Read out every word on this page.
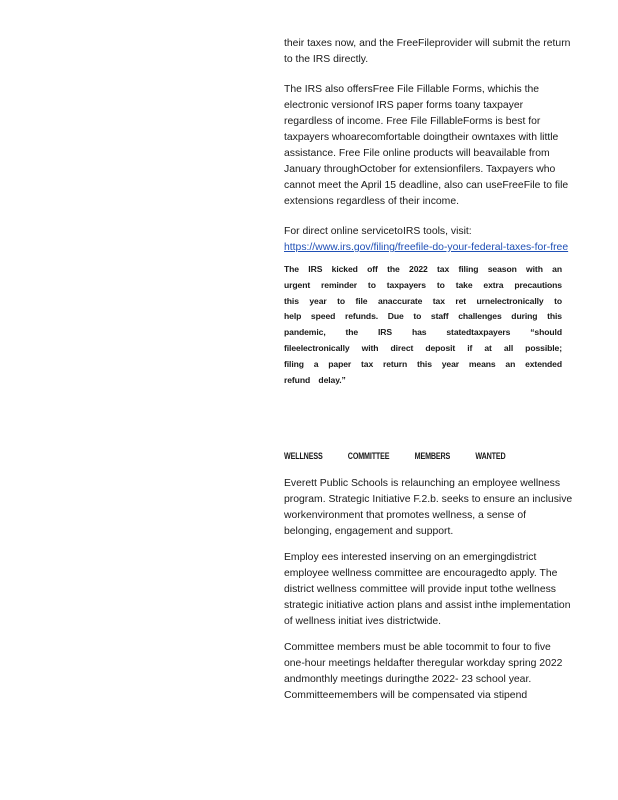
their taxes now, and the FreeFileprovider will submit the return to the IRS directly.

The IRS also offersFree File Fillable Forms, whichis the electronic versionof IRS paper forms toany taxpayer regardless of income. Free File FillableForms is best for taxpayers whoarecomfortable doingtheir owntaxes with little assistance. Free File online products will beavailable from January throughOctober for extensionfilers. Taxpayers who cannot meet the April 15 deadline, also can useFreeFile to file extensions regardless of their income.

For direct online servicetoIRS tools, visit:
https://www.irs.gov/filing/freefile-do-your-federal-taxes-for-free

The IRS kicked off the 2022 tax filing season with an urgent reminder to taxpayers to take extra precautions this year to file anaccurate tax ret urnelectronically to help speed refunds. Due to staff challenges during this pandemic, the IRS has statedtaxpayers “should fileelectronically with direct deposit if at all possible; filing a paper tax return this year means an extended refund delay.”

WELLNESS COMMITTEE MEMBERS WANTED

Everett Public Schools is relaunching an employee wellness program. Strategic Initiative F.2.b. seeks to ensure an inclusive workenvironment that promotes wellness, a sense of belonging, engagement and support.

Employ ees interested inserving on an emergingdistrict employee wellness committee are encouragedto apply. The district wellness committee will provide input tothe wellness strategic initiative action plans and assist inthe implementation of wellness initiat ives districtwide.

Committee members must be able tocommit to four to five one-hour meetings heldafter theregular workday spring 2022 andmonthly meetings duringthe 2022- 23 school year. Committeemembers will be compensated via stipend
